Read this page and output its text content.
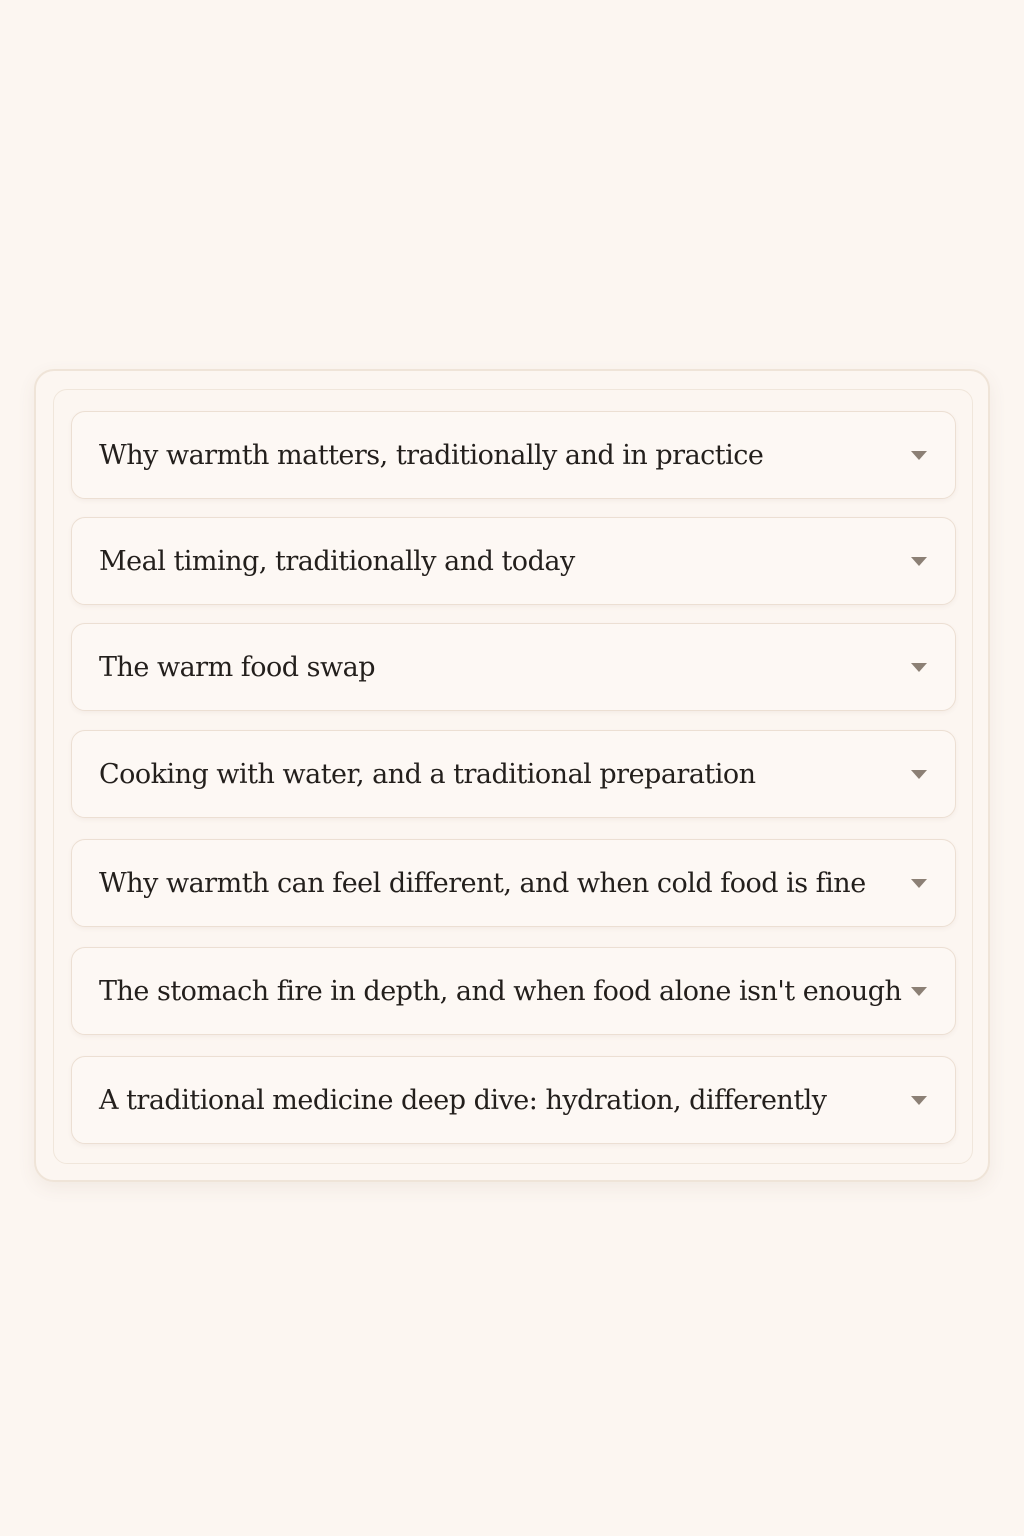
Why warmth matters, traditionally and in practice
Meal timing, traditionally and today
The warm food swap
Cooking with water, and a traditional preparation
Why warmth can feel different, and when cold food is fine
The stomach fire in depth, and when food alone isn't enough
A traditional medicine deep dive: hydration, differently
